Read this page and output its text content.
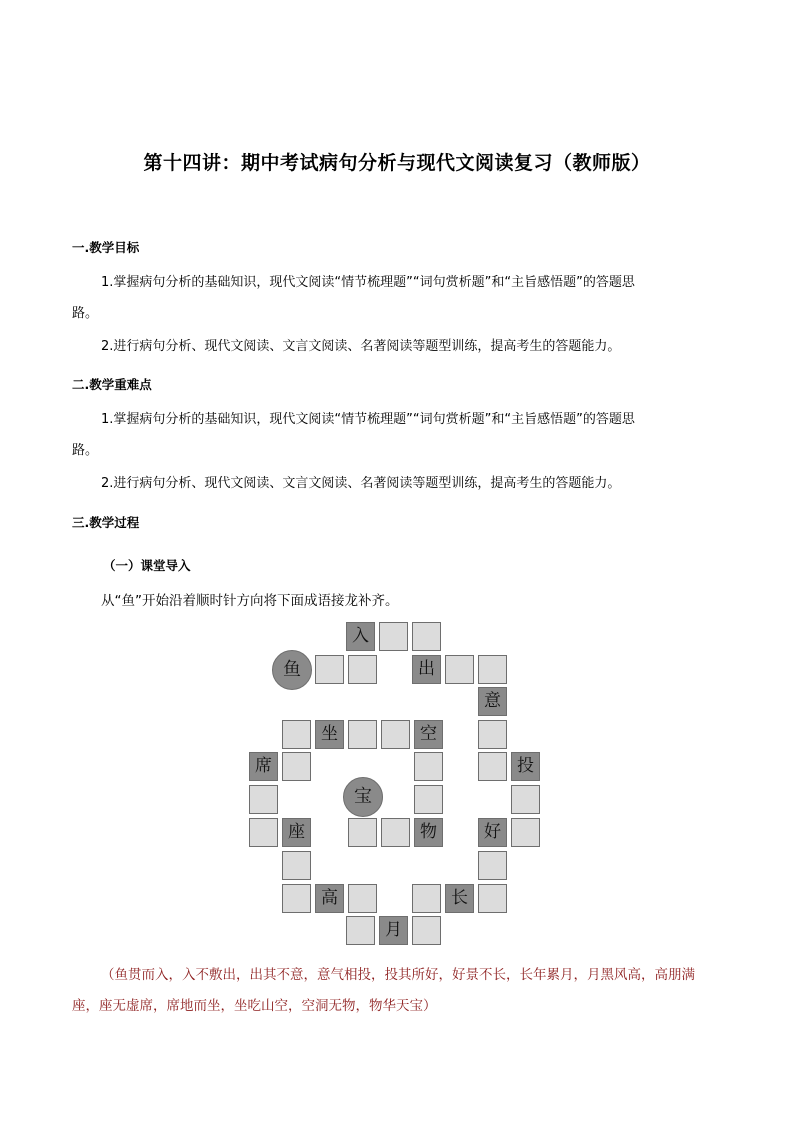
第十四讲：期中考试病句分析与现代文阅读复习（教师版）
一.教学目标
1.掌握病句分析的基础知识，现代文阅读“情节梳理题”“词句赏析题”和“主旨感悟题”的答题思
路。
2.进行病句分析、现代文阅读、文言文阅读、名著阅读等题型训练，提高考生的答题能力。
二.教学重难点
1.掌握病句分析的基础知识，现代文阅读“情节梳理题”“词句赏析题”和“主旨感悟题”的答题思
路。
2.进行病句分析、现代文阅读、文言文阅读、名著阅读等题型训练，提高考生的答题能力。
三.教学过程
（一）课堂导入
从“鱼”开始沿着顺时针方向将下面成语接龙补齐。
入
鱼	出
意
坐	空
席	投
宝
座	物	好
高	长
月
（鱼贯而入，入不敷出，出其不意，意气相投，投其所好，好景不长，长年累月，月黑风高，高朋满
座，座无虚席，席地而坐，坐吃山空，空洞无物，物华天宝）
